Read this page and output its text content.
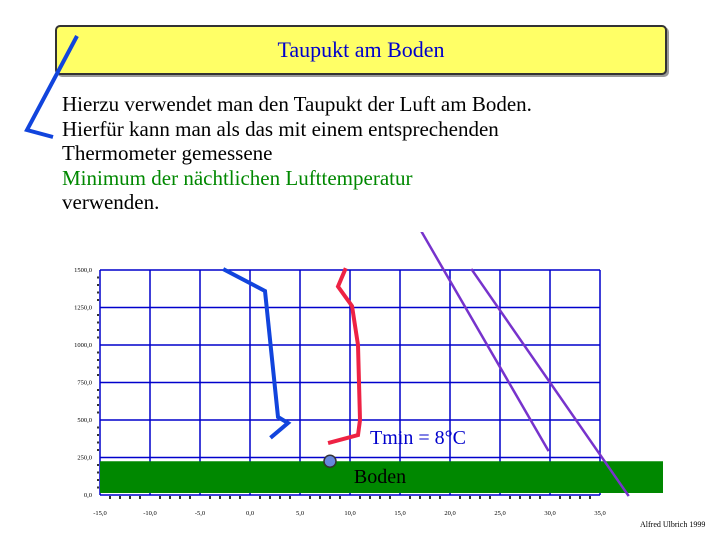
Taupukt am Boden
Hierzu verwendet man den Taupukt der Luft am Boden.
Hierfür kann man als das mit einem entsprechenden
Thermometer gemessene
Minimum der nächtlichen Lufttemperatur
verwenden.
0,0
250,0
500,0
750,0
1000,0
1250,0
1500,0
-15,0	-10,0	-5,0	0,0	5,0	10,0	15,0	20,0	25,0	30,0	35,0
Tmin = 8°C
Boden
Alfred Ulbrich 1999
